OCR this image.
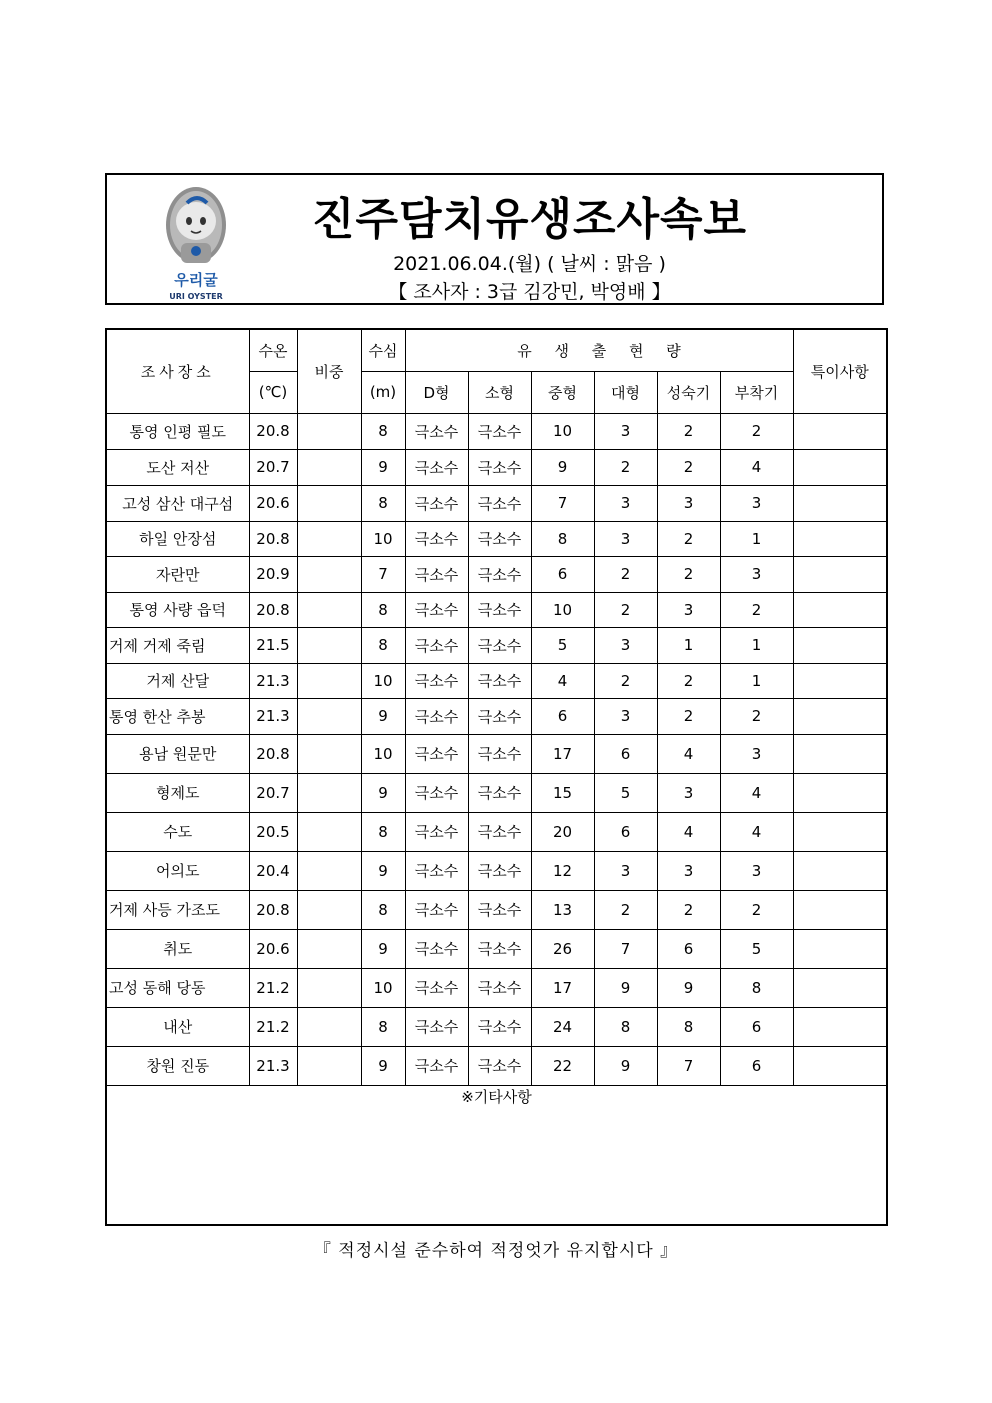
우리굴
URI OYSTER
진주담치유생조사속보
2021.06.04.(월) ( 날씨 : 맑음 )
【 조사자 : 3급 김강민, 박영배 】
조사장소	수온	비중	수심	유 생 출 현 량						특이사항
	(℃)		(m)	D형	소형	중형	대형	성숙기	부착기	
통영 인평 필도	20.8		8	극소수	극소수	10	3	2	2	
도산 저산	20.7		9	극소수	극소수	9	2	2	4	
고성 삼산 대구섬	20.6		8	극소수	극소수	7	3	3	3	
하일 안장섬	20.8		10	극소수	극소수	8	3	2	1	
자란만	20.9		7	극소수	극소수	6	2	2	3	
통영 사량 읍덕	20.8		8	극소수	극소수	10	2	3	2	
거제 거제 죽림	21.5		8	극소수	극소수	5	3	1	1	
거제 산달	21.3		10	극소수	극소수	4	2	2	1	
통영 한산 추봉	21.3		9	극소수	극소수	6	3	2	2	
용남 원문만	20.8		10	극소수	극소수	17	6	4	3	
형제도	20.7		9	극소수	극소수	15	5	3	4	
수도	20.5		8	극소수	극소수	20	6	4	4	
어의도	20.4		9	극소수	극소수	12	3	3	3	
거제 사등 가조도	20.8		8	극소수	극소수	13	2	2	2	
취도	20.6		9	극소수	극소수	26	7	6	5	
고성 동해 당동	21.2		10	극소수	극소수	17	9	9	8	
내산	21.2		8	극소수	극소수	24	8	8	6	
창원 진동	21.3		9	극소수	극소수	22	9	7	6	
※기타사항										
『 적정시설 준수하여 적정엇가 유지합시다 』
